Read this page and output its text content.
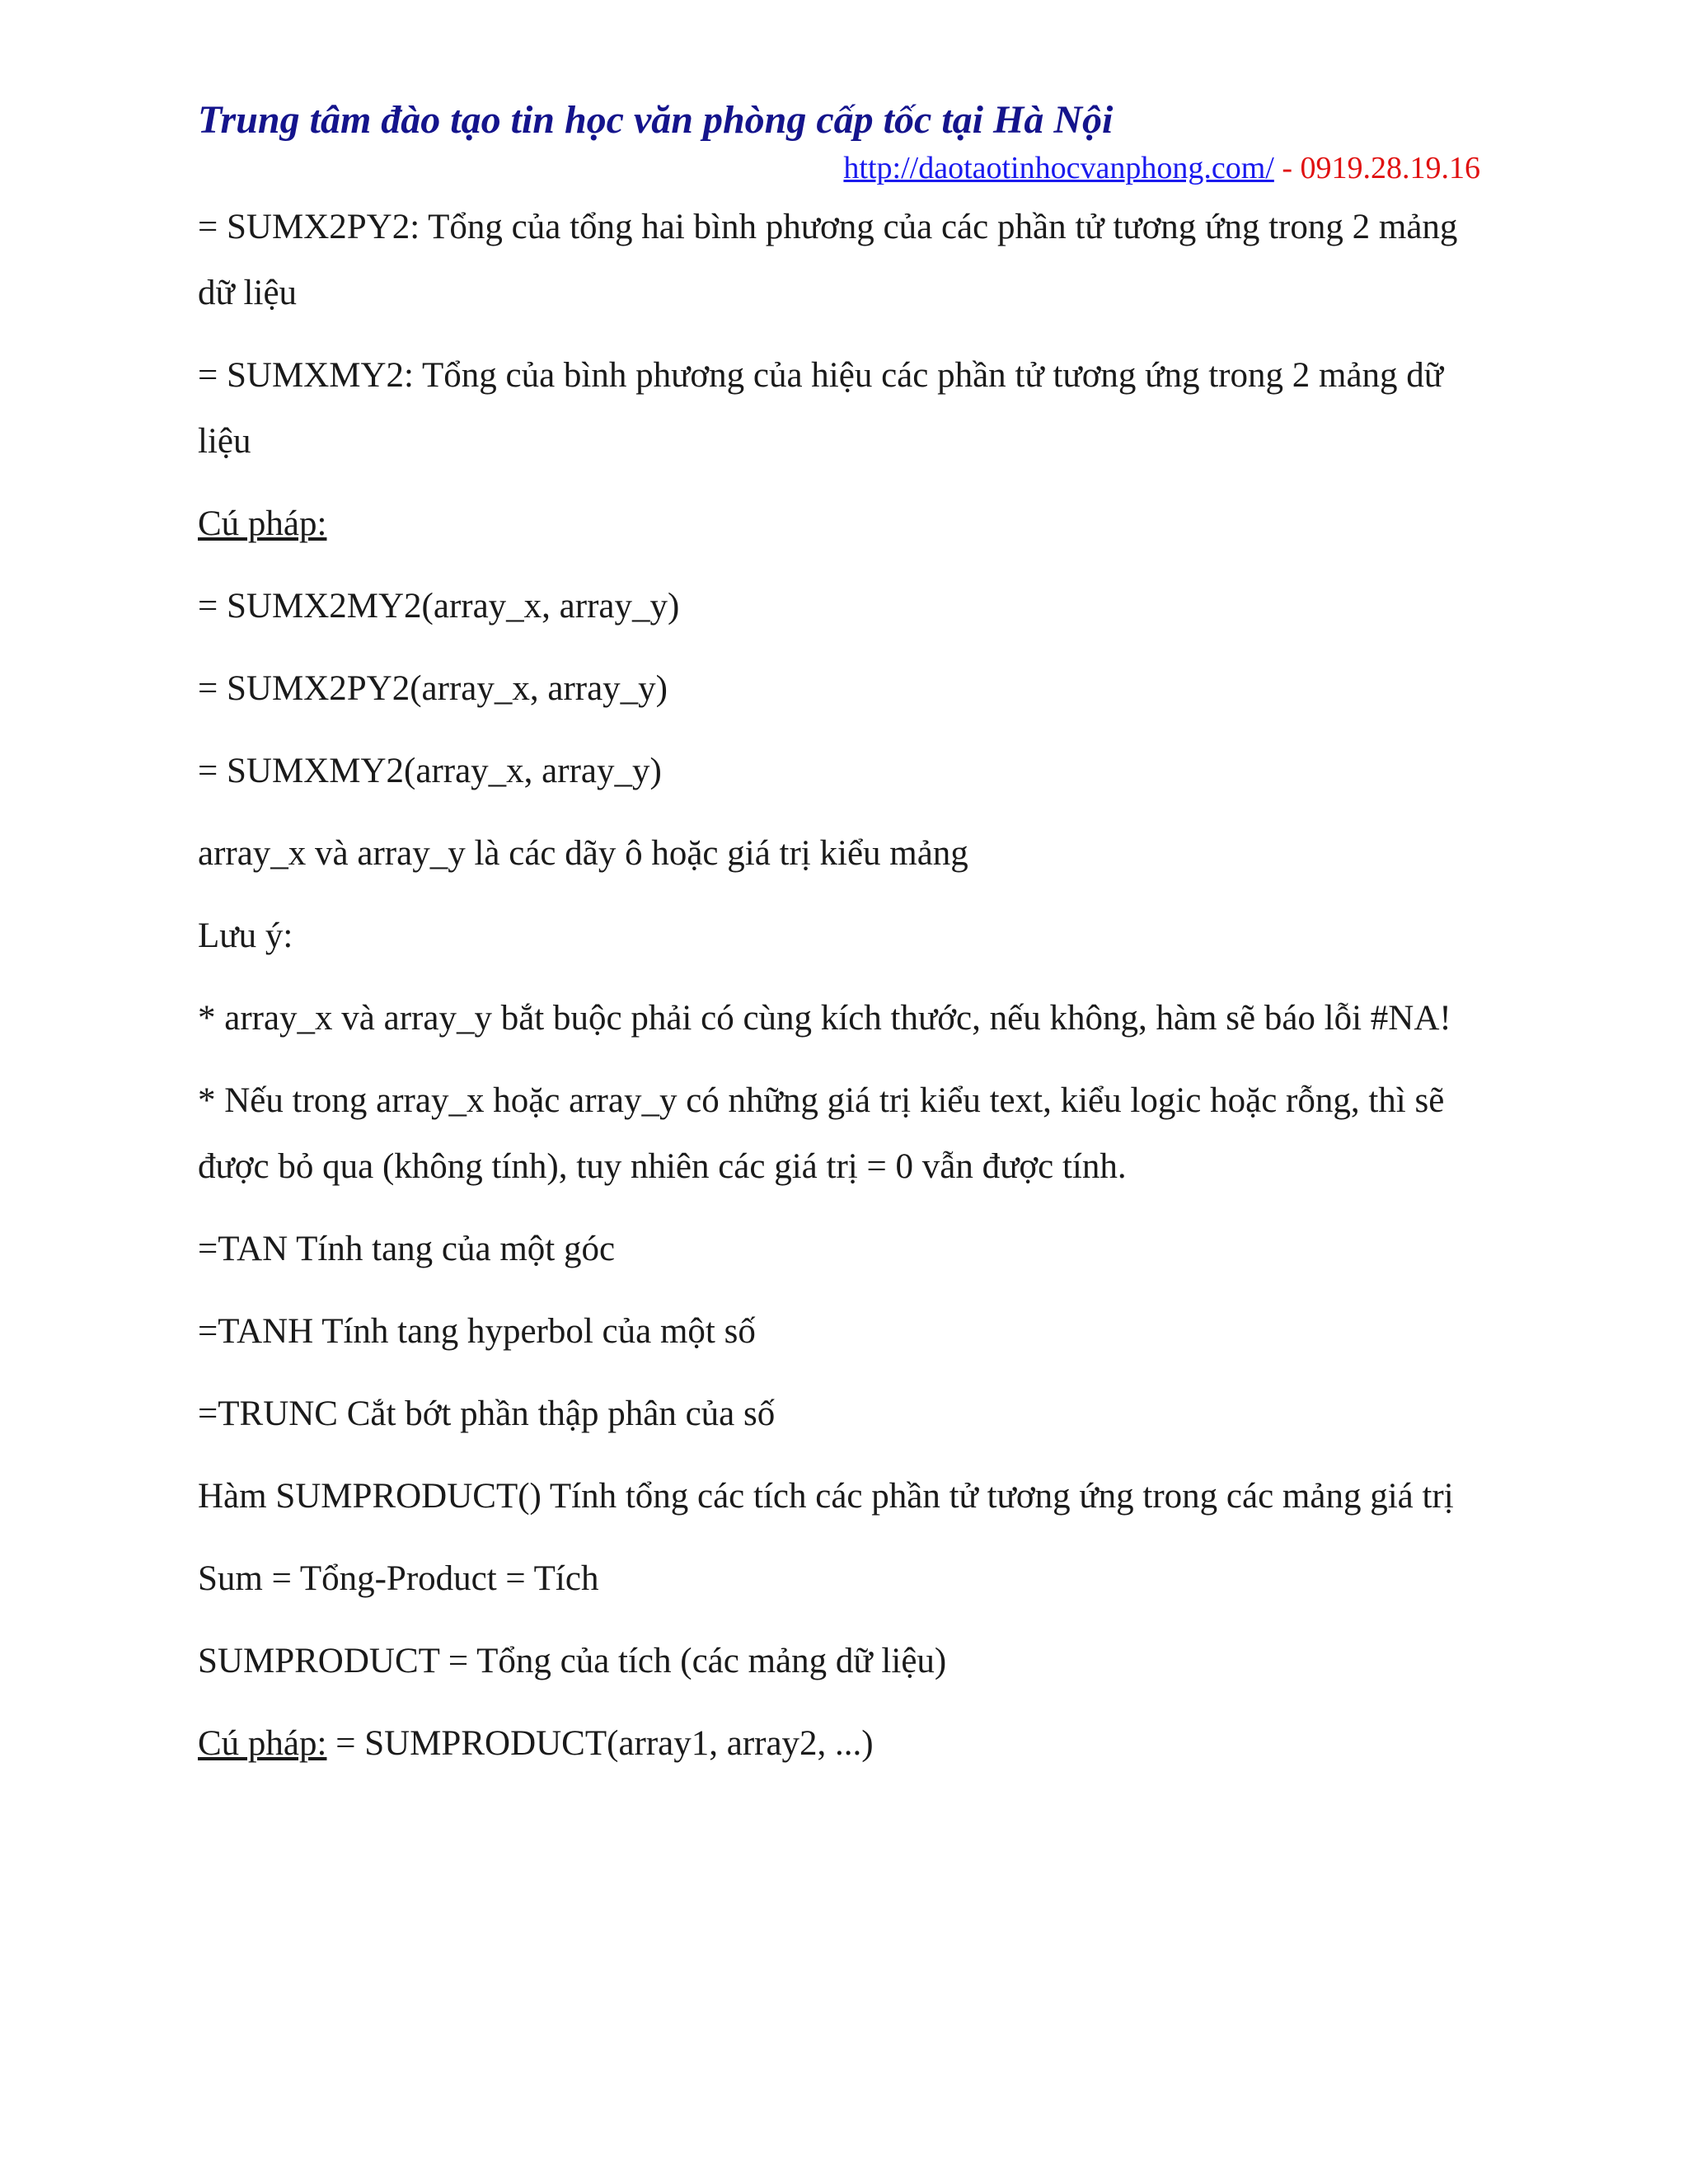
Trung tâm đào tạo tin học văn phòng cấp tốc tại Hà Nội
http://daotaotinhocvanphong.com/ - 0919.28.19.16

= SUMX2PY2: Tổng của tổng hai bình phương của các phần tử tương ứng trong 2 mảng dữ liệu

= SUMXMY2: Tổng của bình phương của hiệu các phần tử tương ứng trong 2 mảng dữ liệu

Cú pháp:

= SUMX2MY2(array_x, array_y)

= SUMX2PY2(array_x, array_y)

= SUMXMY2(array_x, array_y)

array_x và array_y là các dãy ô hoặc giá trị kiểu mảng

Lưu ý:

* array_x và array_y bắt buộc phải có cùng kích thước, nếu không, hàm sẽ báo lỗi #NA!

* Nếu trong array_x hoặc array_y có những giá trị kiểu text, kiểu logic hoặc rỗng, thì sẽ được bỏ qua (không tính), tuy nhiên các giá trị = 0 vẫn được tính.

=TAN Tính tang của một góc

=TANH Tính tang hyperbol của một số

=TRUNC Cắt bớt phần thập phân của số

Hàm SUMPRODUCT() Tính tổng các tích các phần tử tương ứng trong các mảng giá trị

Sum = Tổng-Product = Tích

SUMPRODUCT = Tổng của tích (các mảng dữ liệu)

Cú pháp: = SUMPRODUCT(array1, array2, ...)
